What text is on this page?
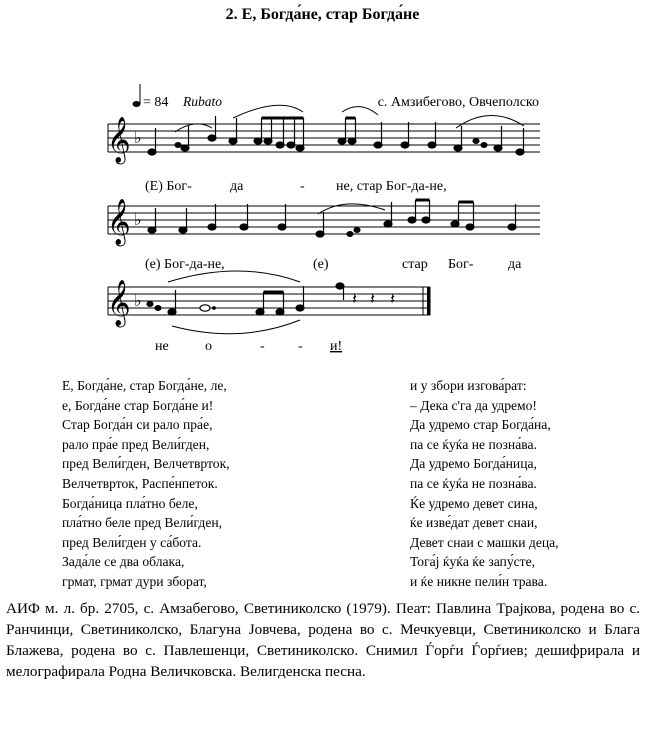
2. Е, Богда́не, стар Богда́не
= 84 Rubato	с. Амзибегово, Овчеполско
𝄞 ♭
(Е) Бог-	да	- не, стар Бог-да-не,
𝄞 ♭
(е) Бог-да-не,	(е)	стар Бог- да
𝄞 ♭	𝄽 𝄽 𝄽
не	о	- - и!
Е, Богда́не, стар Богда́не, ле,
е, Богда́не стар Богда́не и!
Стар Богда́н си рало пра́е,
рало пра́е пред Вели́гден,
пред Вели́гден, Велчетврток,
Велчетврток, Распе́нпеток.
Богда́ница пла́тно беле,
пла́тно беле пред Вели́гден,
пред Вели́гден у са́бота.
Зада́ле се два облака,
грмат, грмат дури зборат,
и у збори изгова́рат:
– Дека с'га да удремо!
Да удремо стар Богда́на,
па се ќуќа не позна́ва.
Да удремо Богда́ница,
па се ќуќа не позна́ва.
Ќе удремо девет сина,
ќе изве́дат девет снаи,
Девет снаи с машки деца,
Тога́ј ќуќа ќе запу́сте,
и ќе никне пели́н трава.
АИФ м. л. бр. 2705, с. Амзабегово, Светиниколско (1979). Пеат: Павлина Трајкова, родена во с. Ранчинци, Светиниколско, Благуна Јовчева, родена во с. Мечкуевци, Светиниколско и Блага Блажева, родена во с. Павлешенци, Светиниколско. Снимил Ѓорѓи Ѓорѓиев; дешифрирала и мелографирала Родна Величковска. Велигденска песна.
